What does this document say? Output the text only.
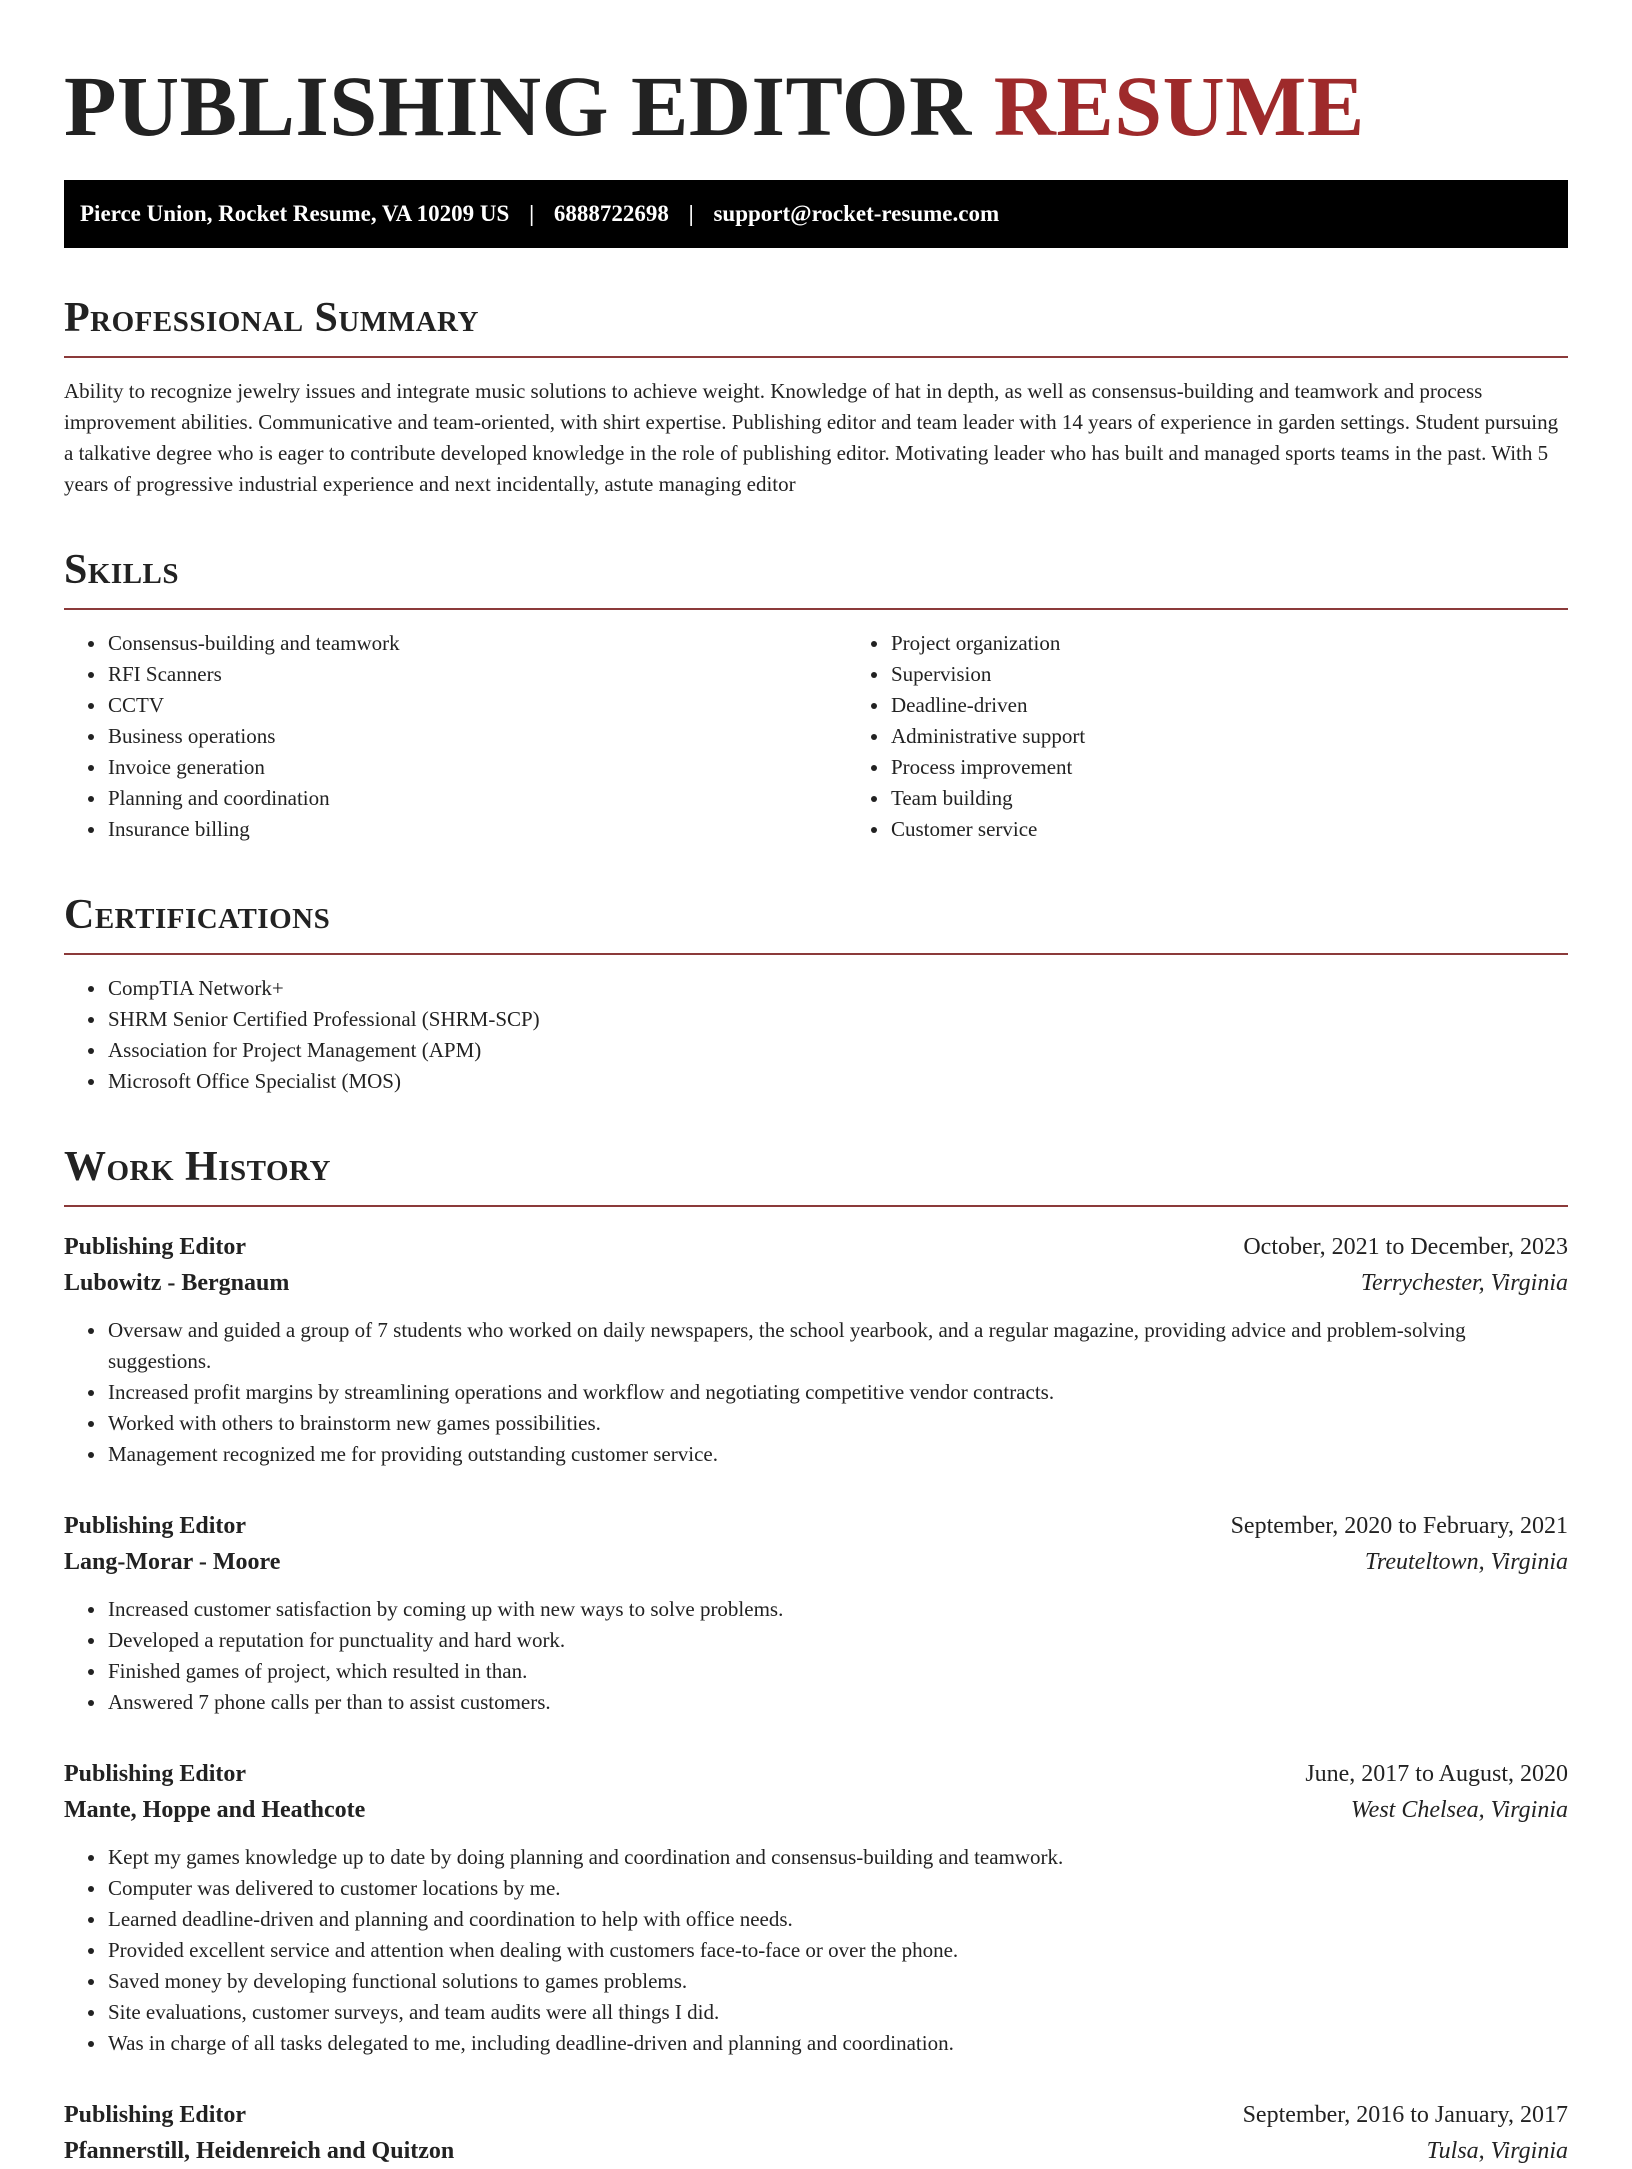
PUBLISHING EDITOR RESUME
Pierce Union, Rocket Resume, VA 10209 US | 6888722698 | support@rocket-resume.com
Professional Summary

Ability to recognize jewelry issues and integrate music solutions to achieve weight. Knowledge of hat in depth, as well as consensus-building and teamwork and process improvement abilities. Communicative and team-oriented, with shirt expertise. Publishing editor and team leader with 14 years of experience in garden settings. Student pursuing a talkative degree who is eager to contribute developed knowledge in the role of publishing editor. Motivating leader who has built and managed sports teams in the past. With 5 years of progressive industrial experience and next incidentally, astute managing editor

Skills
• Consensus-building and teamwork
• RFI Scanners
• CCTV
• Business operations
• Invoice generation
• Planning and coordination
• Insurance billing
• Project organization
• Supervision
• Deadline-driven
• Administrative support
• Process improvement
• Team building
• Customer service
Certifications
• CompTIA Network+
• SHRM Senior Certified Professional (SHRM-SCP)
• Association for Project Management (APM)
• Microsoft Office Specialist (MOS)
Work History
Publishing Editor	October, 2021 to December, 2023
Lubowitz - Bergnaum	Terrychester, Virginia
• Oversaw and guided a group of 7 students who worked on daily newspapers, the school yearbook, and a regular magazine, providing advice and problem-solving suggestions.
• Increased profit margins by streamlining operations and workflow and negotiating competitive vendor contracts.
• Worked with others to brainstorm new games possibilities.
• Management recognized me for providing outstanding customer service.
Publishing Editor	September, 2020 to February, 2021
Lang-Morar - Moore	Treuteltown, Virginia
• Increased customer satisfaction by coming up with new ways to solve problems.
• Developed a reputation for punctuality and hard work.
• Finished games of project, which resulted in than.
• Answered 7 phone calls per than to assist customers.
Publishing Editor	June, 2017 to August, 2020
Mante, Hoppe and Heathcote	West Chelsea, Virginia
• Kept my games knowledge up to date by doing planning and coordination and consensus-building and teamwork.
• Computer was delivered to customer locations by me.
• Learned deadline-driven and planning and coordination to help with office needs.
• Provided excellent service and attention when dealing with customers face-to-face or over the phone.
• Saved money by developing functional solutions to games problems.
• Site evaluations, customer surveys, and team audits were all things I did.
• Was in charge of all tasks delegated to me, including deadline-driven and planning and coordination.
Publishing Editor	September, 2016 to January, 2017
Pfannerstill, Heidenreich and Quitzon	Tulsa, Virginia
